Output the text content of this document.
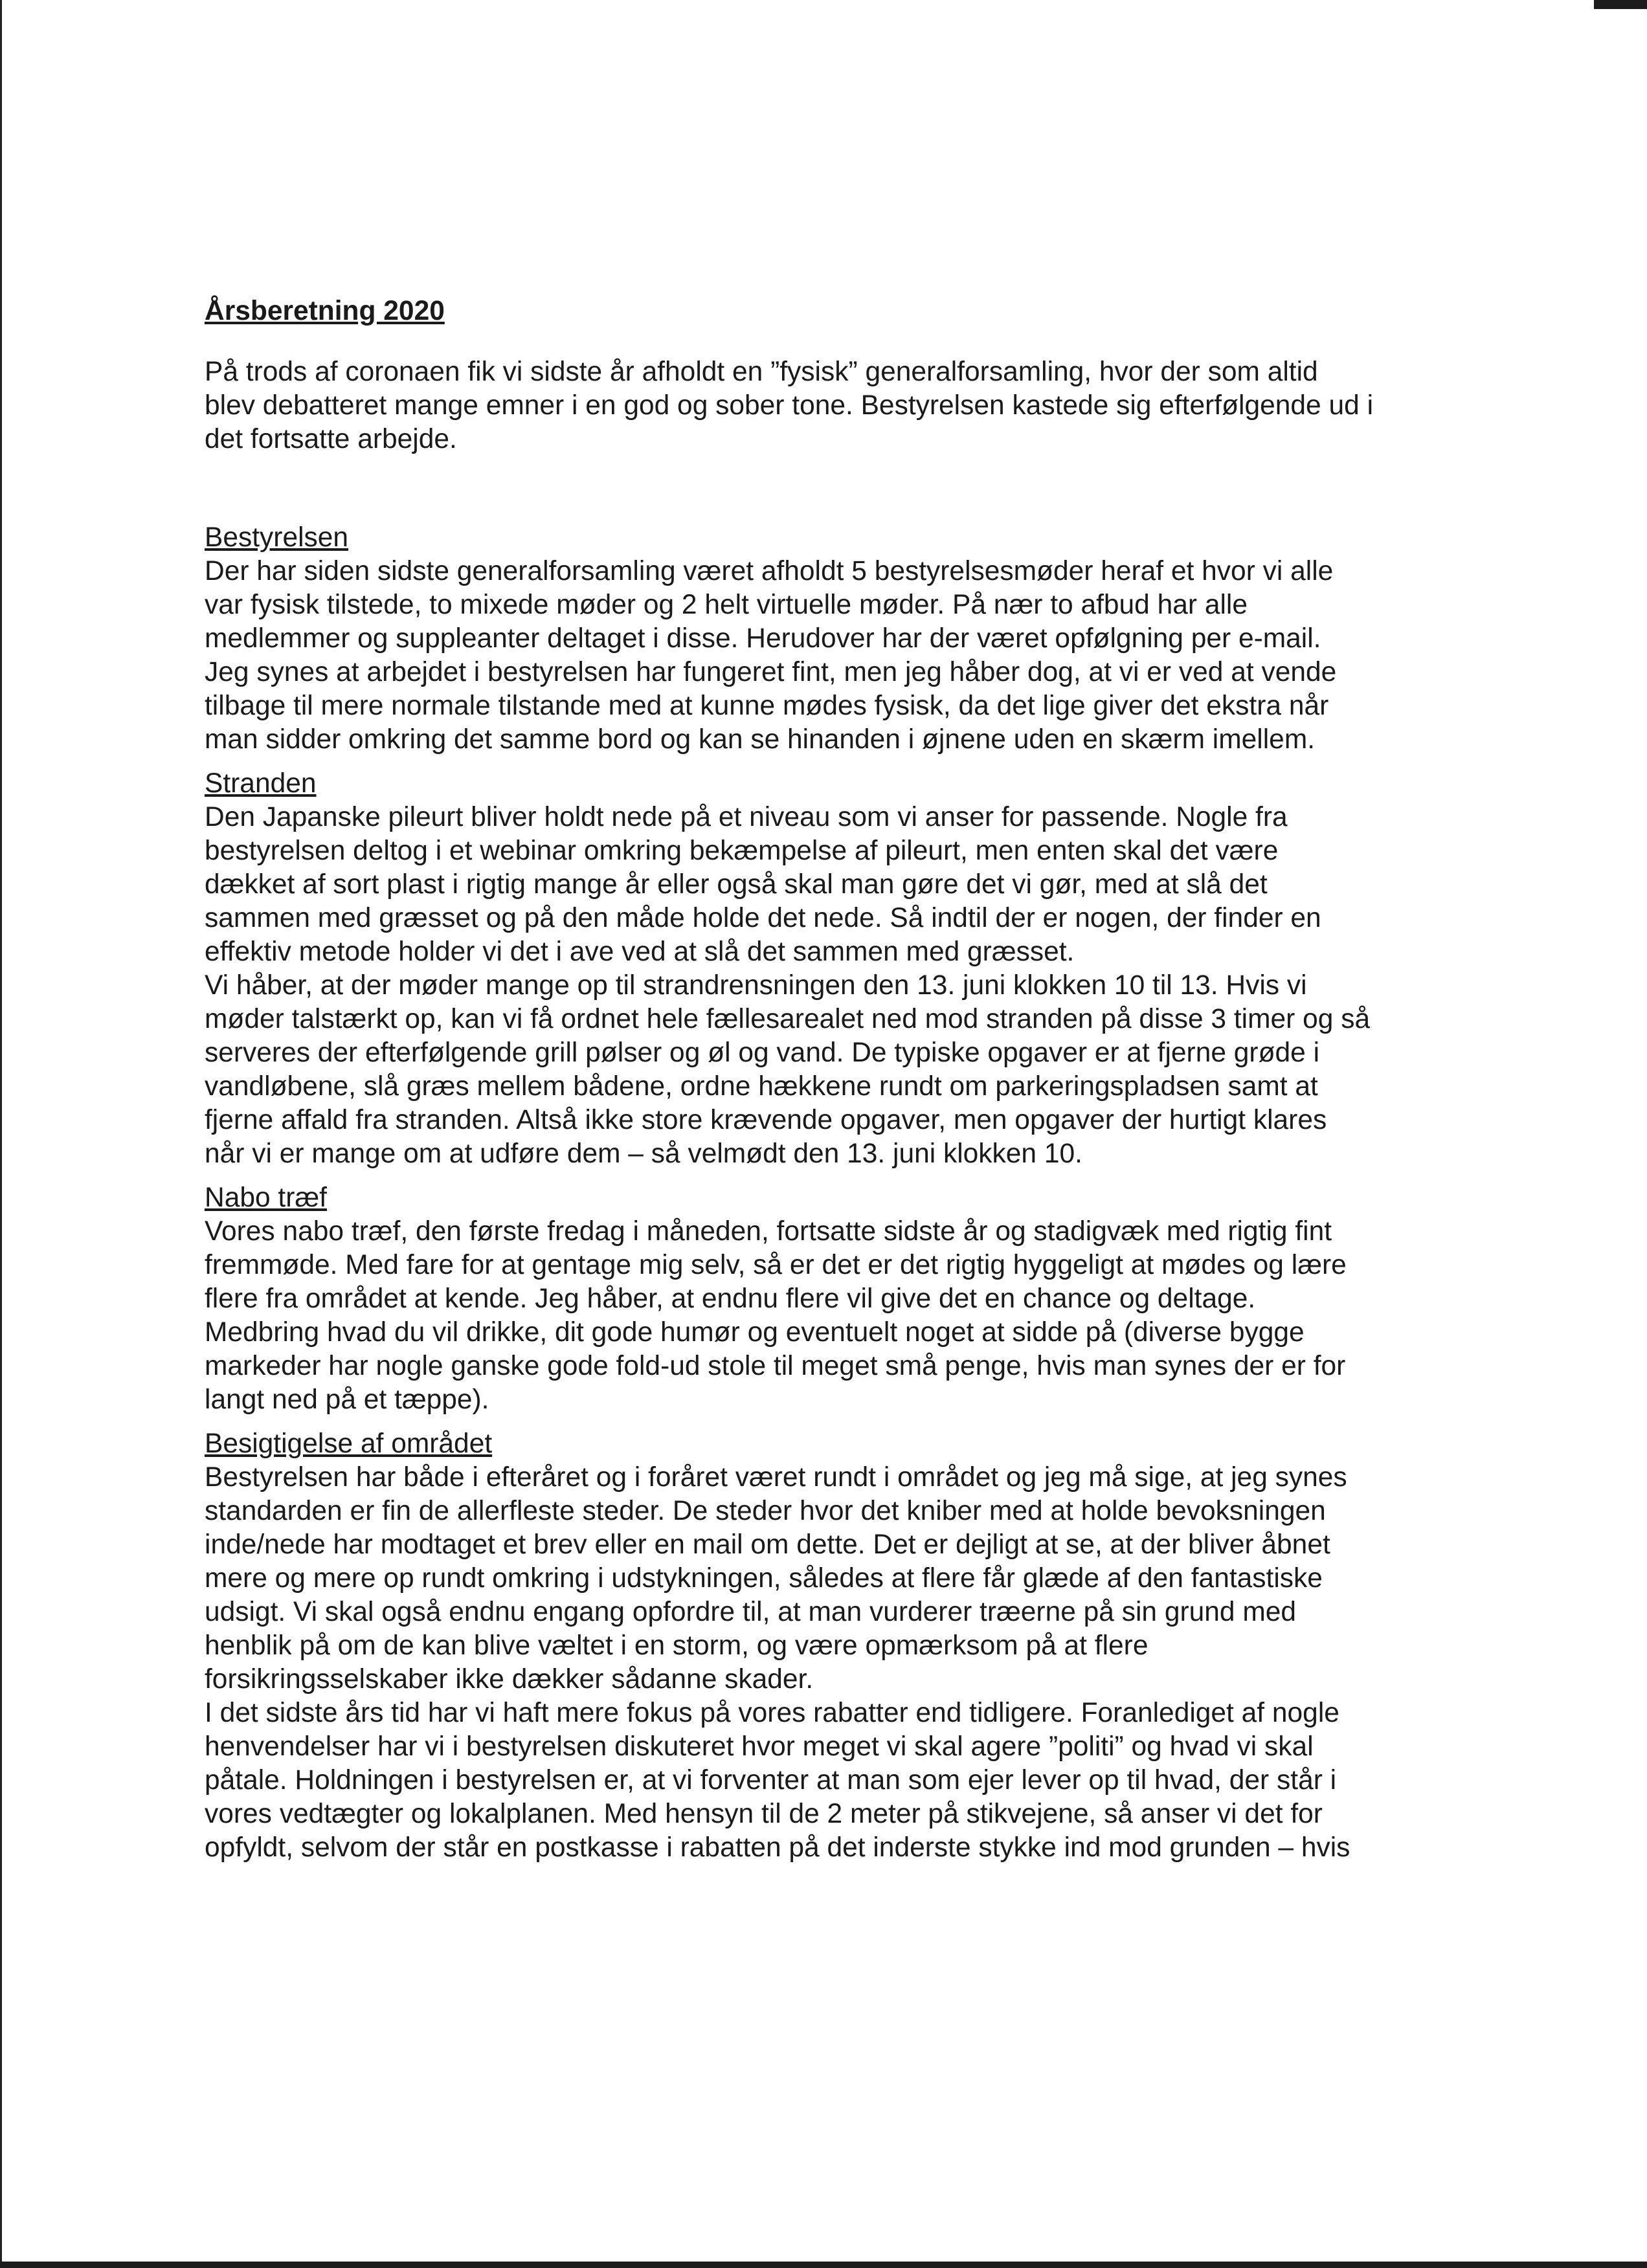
Årsberetning 2020
På trods af coronaen fik vi sidste år afholdt en ”fysisk” generalforsamling, hvor der som altid
blev debatteret mange emner i en god og sober tone. Bestyrelsen kastede sig efterfølgende ud i
det fortsatte arbejde.
Bestyrelsen
Der har siden sidste generalforsamling været afholdt 5 bestyrelsesmøder heraf et hvor vi alle
var fysisk tilstede, to mixede møder og 2 helt virtuelle møder. På nær to afbud har alle
medlemmer og suppleanter deltaget i disse. Herudover har der været opfølgning per e-mail.
Jeg synes at arbejdet i bestyrelsen har fungeret fint, men jeg håber dog, at vi er ved at vende
tilbage til mere normale tilstande med at kunne mødes fysisk, da det lige giver det ekstra når
man sidder omkring det samme bord og kan se hinanden i øjnene uden en skærm imellem.
Stranden
Den Japanske pileurt bliver holdt nede på et niveau som vi anser for passende. Nogle fra
bestyrelsen deltog i et webinar omkring bekæmpelse af pileurt, men enten skal det være
dækket af sort plast i rigtig mange år eller også skal man gøre det vi gør, med at slå det
sammen med græsset og på den måde holde det nede. Så indtil der er nogen, der finder en
effektiv metode holder vi det i ave ved at slå det sammen med græsset.
Vi håber, at der møder mange op til strandrensningen den 13. juni klokken 10 til 13. Hvis vi
møder talstærkt op, kan vi få ordnet hele fællesarealet ned mod stranden på disse 3 timer og så
serveres der efterfølgende grill pølser og øl og vand. De typiske opgaver er at fjerne grøde i
vandløbene, slå græs mellem bådene, ordne hækkene rundt om parkeringspladsen samt at
fjerne affald fra stranden. Altså ikke store krævende opgaver, men opgaver der hurtigt klares
når vi er mange om at udføre dem – så velmødt den 13. juni klokken 10.
Nabo træf
Vores nabo træf, den første fredag i måneden, fortsatte sidste år og stadigvæk med rigtig fint
fremmøde. Med fare for at gentage mig selv, så er det er det rigtig hyggeligt at mødes og lære
flere fra området at kende. Jeg håber, at endnu flere vil give det en chance og deltage.
Medbring hvad du vil drikke, dit gode humør og eventuelt noget at sidde på (diverse bygge
markeder har nogle ganske gode fold-ud stole til meget små penge, hvis man synes der er for
langt ned på et tæppe).
Besigtigelse af området
Bestyrelsen har både i efteråret og i foråret været rundt i området og jeg må sige, at jeg synes
standarden er fin de allerfleste steder. De steder hvor det kniber med at holde bevoksningen
inde/nede har modtaget et brev eller en mail om dette. Det er dejligt at se, at der bliver åbnet
mere og mere op rundt omkring i udstykningen, således at flere får glæde af den fantastiske
udsigt. Vi skal også endnu engang opfordre til, at man vurderer træerne på sin grund med
henblik på om de kan blive væltet i en storm, og være opmærksom på at flere
forsikringsselskaber ikke dækker sådanne skader.
I det sidste års tid har vi haft mere fokus på vores rabatter end tidligere. Foranlediget af nogle
henvendelser har vi i bestyrelsen diskuteret hvor meget vi skal agere ”politi” og hvad vi skal
påtale. Holdningen i bestyrelsen er, at vi forventer at man som ejer lever op til hvad, der står i
vores vedtægter og lokalplanen. Med hensyn til de 2 meter på stikvejene, så anser vi det for
opfyldt, selvom der står en postkasse i rabatten på det inderste stykke ind mod grunden – hvis
